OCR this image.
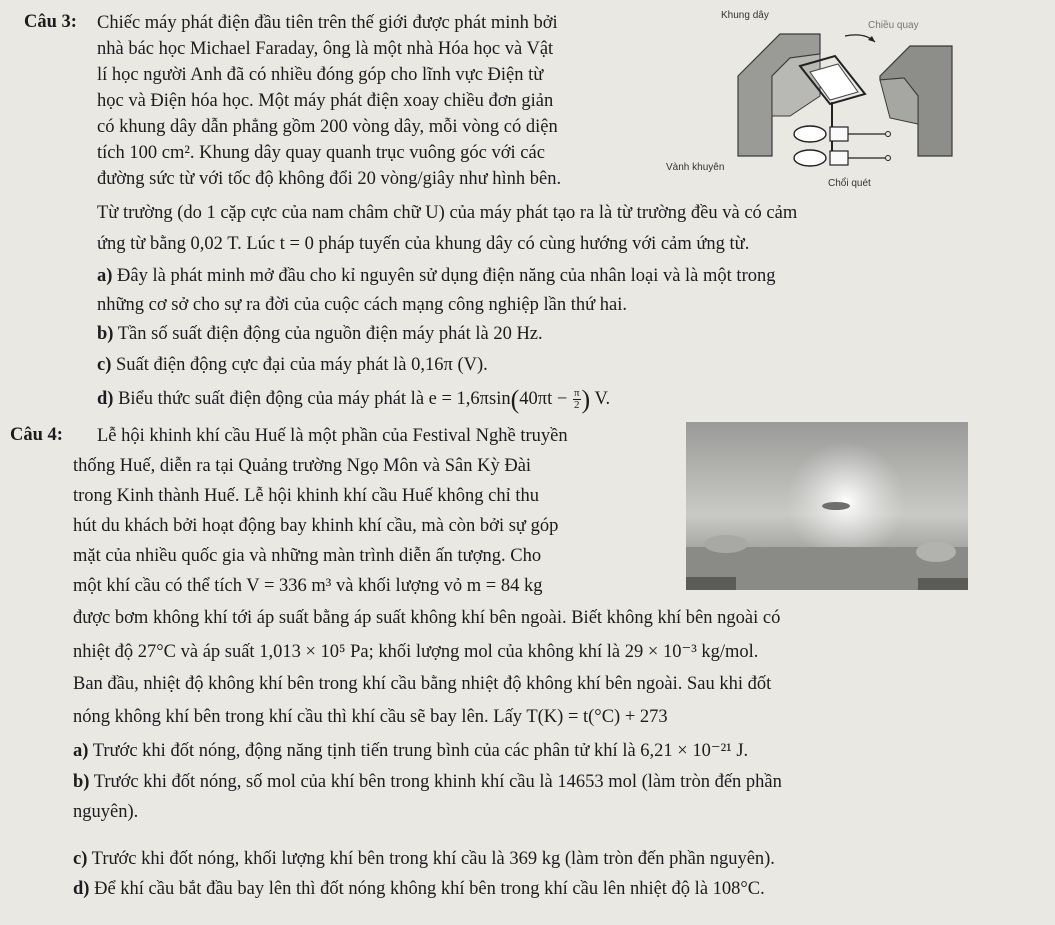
Câu 3: Chiếc máy phát điện đầu tiên trên thế giới được phát minh bởi
nhà bác học Michael Faraday, ông là một nhà Hóa học và Vật
lí học người Anh đã có nhiều đóng góp cho lĩnh vực Điện từ
học và Điện hóa học. Một máy phát điện xoay chiều đơn giản
có khung dây dẫn phẳng gồm 200 vòng dây, mỗi vòng có diện
tích 100 cm². Khung dây quay quanh trục vuông góc với các
đường sức từ với tốc độ không đổi 20 vòng/giây như hình bên.
Từ trường (do 1 cặp cực của nam châm chữ U) của máy phát tạo ra là từ trường đều và có cảm
ứng từ bằng 0,02 T. Lúc t = 0 pháp tuyến của khung dây có cùng hướng với cảm ứng từ.
a) Đây là phát minh mở đầu cho kỉ nguyên sử dụng điện năng của nhân loại và là một trong
những cơ sở cho sự ra đời của cuộc cách mạng công nghiệp lần thứ hai.
b) Tần số suất điện động của nguồn điện máy phát là 20 Hz.
c) Suất điện động cực đại của máy phát là 0,16π (V).
d) Biểu thức suất điện động của máy phát là $e = 1,6\pi\sin(40\pi t - \frac{\pi}{2}$ ) V.
Khung dây
Chiều quay
Vành khuyên
Chổi quét
Câu 4: Lễ hội khinh khí cầu Huế là một phần của Festival Nghề truyền
thống Huế, diễn ra tại Quảng trường Ngọ Môn và Sân Kỳ Đài
trong Kinh thành Huế. Lễ hội khinh khí cầu Huế không chỉ thu
hút du khách bởi hoạt động bay khinh khí cầu, mà còn bởi sự góp
mặt của nhiều quốc gia và những màn trình diễn ấn tượng. Cho
một khí cầu có thể tích V = 336 m³ và khối lượng vỏ m = 84 kg
được bơm không khí tới áp suất bằng áp suất không khí bên ngoài. Biết không khí bên ngoài có
nhiệt độ 27°C và áp suất 1,013 × 10⁵ Pa; khối lượng mol của không khí là 29 × 10⁻³ kg/mol.
Ban đầu, nhiệt độ không khí bên trong khí cầu bằng nhiệt độ không khí bên ngoài. Sau khi đốt
nóng không khí bên trong khí cầu thì khí cầu sẽ bay lên. Lấy T(K) = t(°C) + 273
a) Trước khi đốt nóng, động năng tịnh tiến trung bình của các phân tử khí là 6,21 × 10⁻²¹ J.
b) Trước khi đốt nóng, số mol của khí bên trong khinh khí cầu là 14653 mol (làm tròn đến phần
nguyên).
c) Trước khi đốt nóng, khối lượng khí bên trong khí cầu là 369 kg (làm tròn đến phần nguyên).
d) Để khí cầu bắt đầu bay lên thì đốt nóng không khí bên trong khí cầu lên nhiệt độ là 108°C.
